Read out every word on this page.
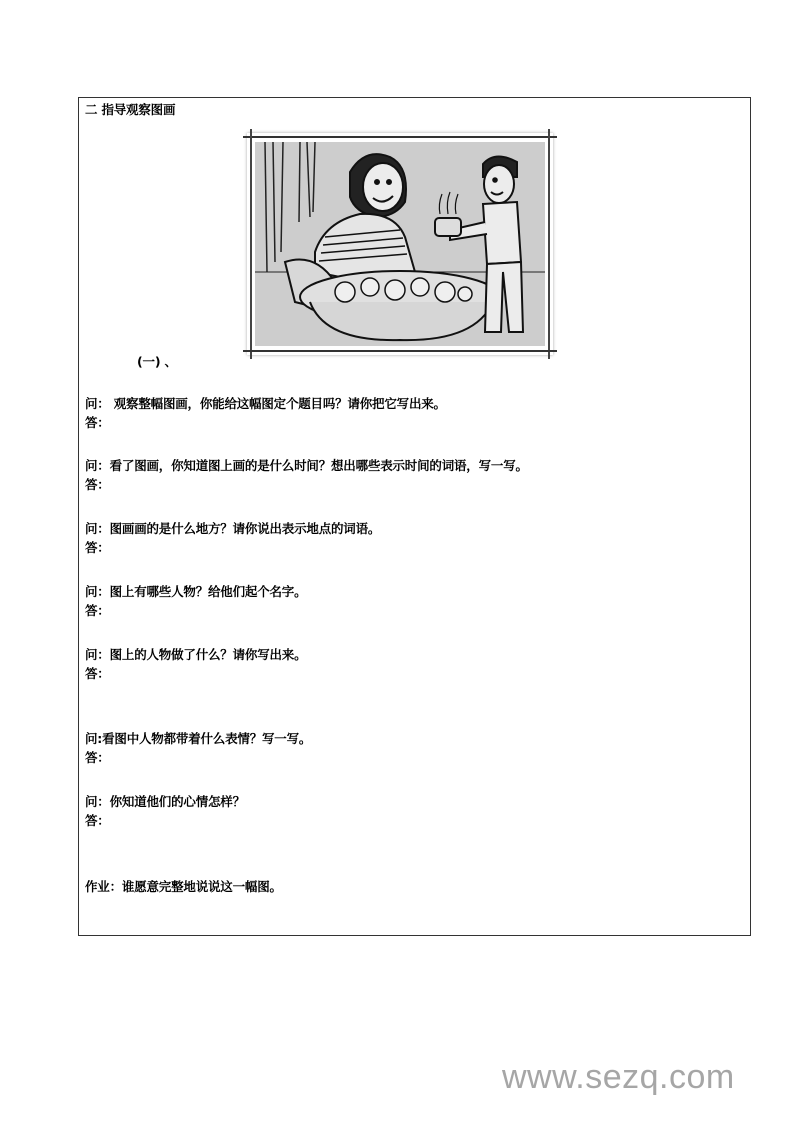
二 指导观察图画
(一) 、
问： 观察整幅图画，你能给这幅图定个题目吗？请你把它写出来。
答：
问：看了图画，你知道图上画的是什么时间？想出哪些表示时间的词语，写一写。
答：
问：图画画的是什么地方？请你说出表示地点的词语。
答：
问：图上有哪些人物？给他们起个名字。
答：
问：图上的人物做了什么？请你写出来。
答：
问:看图中人物都带着什么表情？写一写。
答：
问：你知道他们的心情怎样？
答：
作业：谁愿意完整地说说这一幅图。
www.sezq.com
